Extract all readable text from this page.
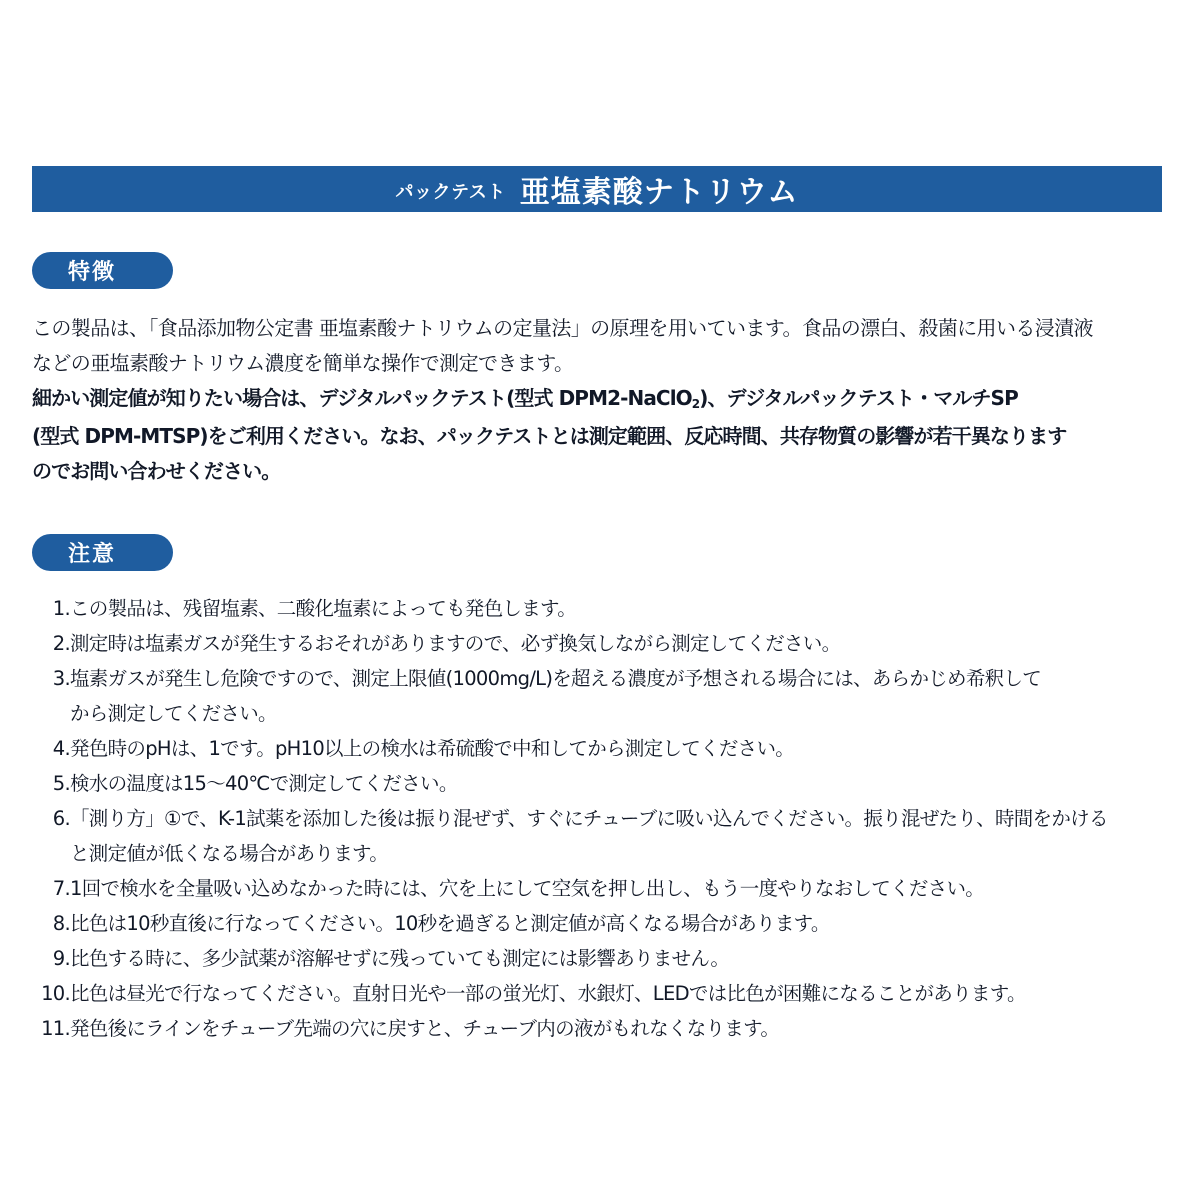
パックテスト 亜塩素酸ナトリウム
特徴
この製品は、「食品添加物公定書 亜塩素酸ナトリウムの定量法」の原理を用いています。食品の漂白、殺菌に用いる浸漬液
などの亜塩素酸ナトリウム濃度を簡単な操作で測定できます。
細かい測定値が知りたい場合は、デジタルパックテスト(型式 DPM2-NaClO$_2$)、デジタルパックテスト・マルチSP
(型式 DPM-MTSP)をご利用ください。なお、パックテストとは測定範囲、反応時間、共存物質の影響が若干異なります
のでお問い合わせください。
注意
1. この製品は、残留塩素、二酸化塩素によっても発色します。
2. 測定時は塩素ガスが発生するおそれがありますので、必ず換気しながら測定してください。
3. 塩素ガスが発生し危険ですので、測定上限値(1000mg/L)を超える濃度が予想される場合には、あらかじめ希釈して
から測定してください。
4. 発色時のpHは、1です。pH10以上の検水は希硫酸で中和してから測定してください。
5. 検水の温度は15～40℃で測定してください。
6. 「測り方」①で、K-1試薬を添加した後は振り混ぜず、すぐにチューブに吸い込んでください。振り混ぜたり、時間をかける
と測定値が低くなる場合があります。
7. 1回で検水を全量吸い込めなかった時には、穴を上にして空気を押し出し、もう一度やりなおしてください。
8. 比色は10秒直後に行なってください。10秒を過ぎると測定値が高くなる場合があります。
9. 比色する時に、多少試薬が溶解せずに残っていても測定には影響ありません。
10. 比色は昼光で行なってください。直射日光や一部の蛍光灯、水銀灯、LEDでは比色が困難になることがあります。
11. 発色後にラインをチューブ先端の穴に戻すと、チューブ内の液がもれなくなります。
